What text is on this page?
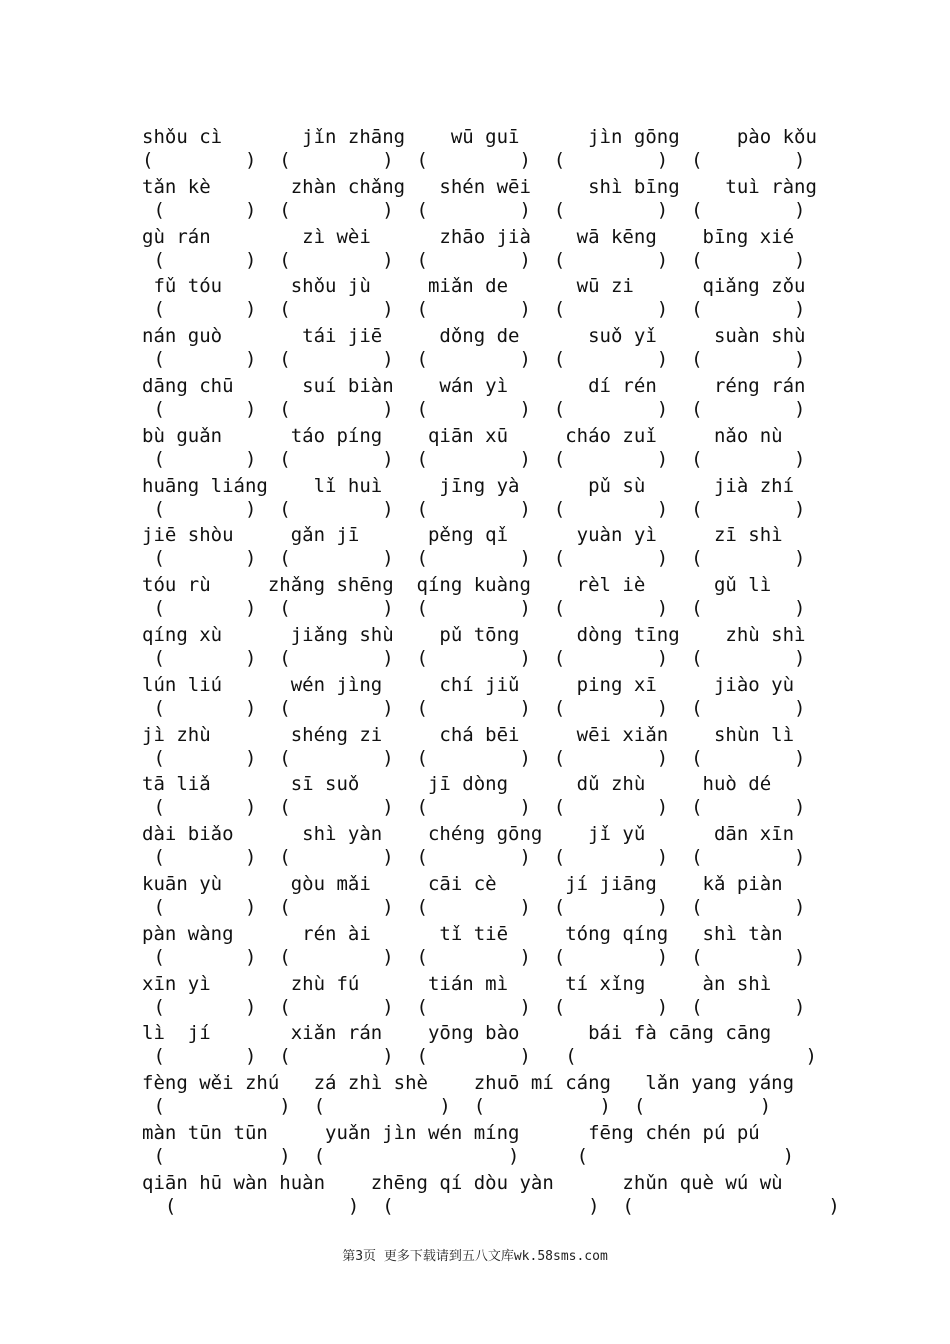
shǒu cì       jǐn zhāng    wū guī      jìn gōng     pào kǒu
(        )  (        )  (        )  (        )  (        )
tǎn kè       zhàn chǎng   shén wēi     shì bīng    tuì ràng
(       )  (        )  (        )  (        )  (        )
gù rán        zì wèi      zhāo jià    wā kēng    bīng xié
(       )  (        )  (        )  (        )  (        )
fǔ tóu      shǒu jù     miǎn de      wū zi      qiǎng zǒu
(       )  (        )  (        )  (        )  (        )
nán guò       tái jiē     dǒng de      suǒ yǐ     suàn shù
(       )  (        )  (        )  (        )  (        )
dāng chū      suí biàn    wán yì       dí rén     réng rán
(       )  (        )  (        )  (        )  (        )
bù guǎn      táo píng    qiān xū     cháo zuǐ     nǎo nù
(       )  (        )  (        )  (        )  (        )
huāng liáng    lǐ huì     jīng yà      pǔ sù      jià zhí
(       )  (        )  (        )  (        )  (        )
jiē shòu     gǎn jī      pěng qǐ      yuàn yì     zī shì
(       )  (        )  (        )  (        )  (        )
tóu rù     zhǎng shēng  qíng kuàng    rèl iè      gǔ lì
(       )  (        )  (        )  (        )  (        )
qíng xù      jiǎng shù    pǔ tōng     dòng tīng    zhù shì
(       )  (        )  (        )  (        )  (        )
lún liú      wén jìng     chí jiǔ     ping xī     jiào yù
(       )  (        )  (        )  (        )  (        )
jì zhù       shéng zi     chá bēi     wēi xiǎn    shùn lì
(       )  (        )  (        )  (        )  (        )
tā liǎ       sī suǒ      jī dòng      dǔ zhù     huò dé
(       )  (        )  (        )  (        )  (        )
dài biǎo      shì yàn    chéng gōng    jǐ yǔ      dān xīn
(       )  (        )  (        )  (        )  (        )
kuān yù      gòu mǎi     cāi cè      jí jiāng    kǎ piàn
(       )  (        )  (        )  (        )  (        )
pàn wàng      rén ài      tǐ tiē     tóng qíng   shì tàn
(       )  (        )  (        )  (        )  (        )
xīn yì       zhù fú      tián mì     tí xǐng     àn shì
(       )  (        )  (        )  (        )  (        )
lì  jí       xiǎn rán    yōng bào      bái fà cāng cāng
(       )  (        )  (        )   (                    )
fèng wěi zhú   zá zhì shè    zhuō mí cáng   lǎn yang yáng
(          )  (          )  (          )  (          )
màn tūn tūn     yuǎn jìn wén míng      fēng chén pú pú
(          )  (                )     (                 )
qiān hū wàn huàn    zhēng qí dòu yàn      zhǔn què wú wù
(               )  (                 )  (                 )
第3页 更多下载请到五八文库wk.58sms.com
